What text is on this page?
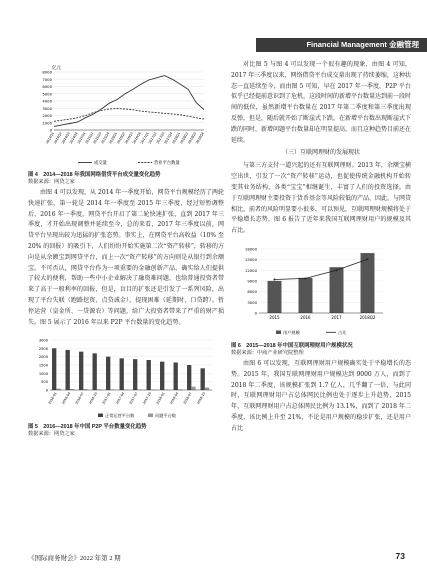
Financial Management 金融管理
亿元
0
1000
2000
3000
4000
5000
6000
7000
8000
2014Q1
2014Q2
2014Q3
2014Q4
2015Q1
2015Q2
2015Q3
2015Q4
2016Q1
2016Q2
2016Q3
2016Q4
2017Q1
2017Q2
2017Q3
2017Q4
2018Q1
2018Q2
2018Q3
2018Q4
成交量	营业平台数量
图 4　2014—2018 年我国网络借贷平台成交量变化趋势
数据来源：网贷之家

由图 4 可以发现，从 2014 年一季度开始，网贷平台规模经历了两轮快速扩张，第一轮是 2014 年一季度至 2015 年三季度，经过短暂调整后，2016 年一季度，网贷平台开启了第二轮快速扩张，直到 2017 年三季度，才开始出现调整并延续至今，总的来看，2017 年三季度以前，网贷平台呈现出较为迅猛的扩张态势。事实上，在网贷平台高收益（10% 至 20% 的回报）的吸引下，人们纷纷开始实施第二次“资产转移”，转移的方向是从余额宝到网贷平台，而上一次“资产转移”的方向则是从银行到余额宝。不可否认，网贷平台作为一项重要的金融创新产品，确实给人们提供了较大的便利，帮助一些中小企业解决了融资难问题，也给普通投资者带来了高于一般利率的回报，但是，盲目的扩张还是引发了一系列风险，出现了平台失联（跑路挖资、点贷诚金），提现困难（延期时、口贷跨）。暂停运营（皇金所、一贷源农）等问题，给广大投资者带来了严重的财产损失。图 5 展示了 2016 年以来 P2P 平台数量的变化趋势。

0
500
1000
1500
2000
2500
3000
2016-01 2016-04 2016-07 2016-10 2017-01 2017-04 2017-07 2017-10 2018-01 2018-04 2018-07 2018-10
正常运营平台数	问题平台数
图 5　2016—2018 年中国 P2P 平台数量变化趋势
数据来源：网贷之家

对比图 5 与图 4 可以发现一个很有趣的现象，由图 4 可知，2017 年三季度以来，网络借贷平台成交量出现了持续萎缩，这种状态一直延续至今，而由图 5 可知，早在 2017 年一季度，P2P 平台似乎已经提前意识到了危机，这段时间的新增平台数量达到前一段时间的低位，虽然新增平台数量在 2017 年第二季度和第三季度出现反弹，但是，随后就开始了断崖式下跌。在新增平台数出现断崖式下跌的同时，新增问题平台数量却在明显提高，而且这种趋势目前还在延续。

（三）互联网理财的发展现状

与第三方支付一道兴起的还有互联网理财。2013 年，余额宝横空出世，引发了一次“资产转移”运动，也促使传统金融机构开始转变其业务结构，各类“宝宝”相继诞生，丰富了人们的投资选择。由于互联网理财主要投资于货币基金等风险较低的产品，因此，与网贷相比，前者的风险明显要小很多，可以预见，互联网理财规模将处于平稳增长态势。图 6 报告了近年来我国互联网理财用户的规模及其占比。

0
3000
6000
9000
12000
15000
18000
2015	2016	2017	2018Q2
用户规模	占比
图 6　2015—2018 年中国互联网理财用户规模状况
数据来源：中商产业研究院整理

由图 6 可以发现，互联网理财用户规模确实处于平稳增长的态势。2015 年，我国互联网理财用户规模达到 9000 万人，而到了 2018 年二季度，该规模扩张到 1.7 亿人，几乎翻了一倍，与此同时，互联网理财用户占总体网民比例也处于逐步上升趋势，2015 年，互联网理财用户占总体网民比例为 13.1%，而到了 2018 年二季度，该比例上升至 21%，不论是用户规模的稳步扩张，还是用户占比

《国际商务财会》2022 年第 2 期	73
